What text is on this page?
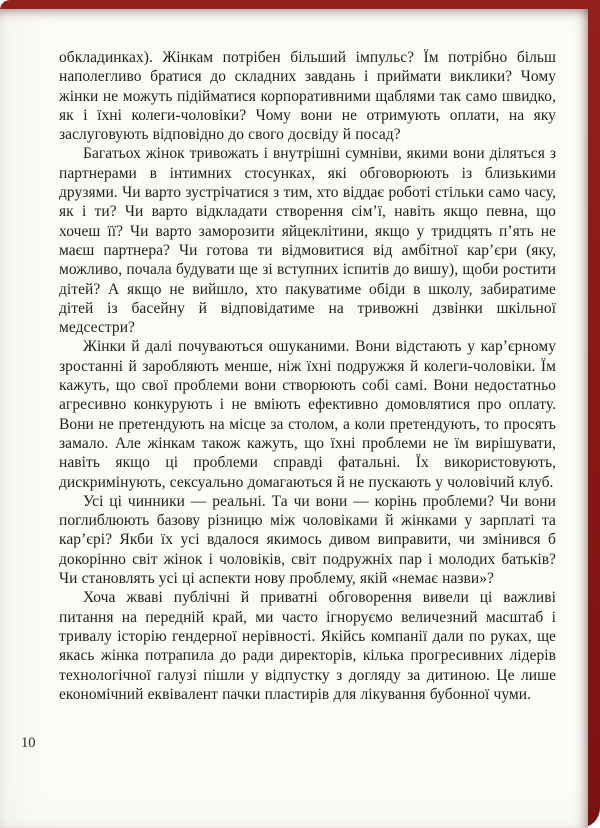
обкладинках). Жінкам потрібен більший імпульс? Їм потрібно більш наполегливо братися до складних завдань і приймати виклики? Чому жінки не можуть підійматися корпоративними щаблями так само швидко, як і їхні колеги-чоловіки? Чому вони не отримують оплати, на яку заслуговують відповідно до свого досвіду й посад?

Багатьох жінок тривожать і внутрішні сумніви, якими вони діляться з партнерами в інтимних стосунках, які обговорюють із близькими друзями. Чи варто зустрічатися з тим, хто віддає роботі стільки само часу, як і ти? Чи варто відкладати створення сім’ї, навіть якщо певна, що хочеш її? Чи варто заморозити яйцеклітини, якщо у тридцять п’ять не маєш партнера? Чи готова ти відмовитися від амбітної кар’єри (яку, можливо, почала будувати ще зі вступних іспитів до вишу), щоби ростити дітей? А якщо не вийшло, хто пакуватиме обіди в школу, забиратиме дітей із басейну й відповідатиме на тривожні дзвінки шкільної медсестри?

Жінки й далі почуваються ошуканими. Вони відстають у кар’єрному зростанні й заробляють менше, ніж їхні подружжя й колеги-чоловіки. Їм кажуть, що свої проблеми вони створюють собі самі. Вони недостатньо агресивно конкурують і не вміють ефективно домовлятися про оплату. Вони не претендують на місце за столом, а коли претендують, то просять замало. Але жінкам також кажуть, що їхні проблеми не їм вирішувати, навіть якщо ці проблеми справді фатальні. Їх використовують, дискримінують, сексуально домагаються й не пускають у чоловічий клуб.

Усі ці чинники — реальні. Та чи вони — корінь проблеми? Чи вони поглиблюють базову різницю між чоловіками й жінками у зарплаті та кар’єрі? Якби їх усі вдалося якимось дивом виправити, чи змінився б докорінно світ жінок і чоловіків, світ подружніх пар і молодих батьків? Чи становлять усі ці аспекти нову проблему, якій «немає назви»?

Хоча жваві публічні й приватні обговорення вивели ці важливі питання на передній край, ми часто ігноруємо величезний масштаб і тривалу історію гендерної нерівності. Якійсь компанії дали по руках, ще якась жінка потрапила до ради директорів, кілька прогресивних лідерів технологічної галузі пішли у відпустку з догляду за дитиною. Це лише економічний еквівалент пачки пластирів для лікування бубонної чуми.

10
